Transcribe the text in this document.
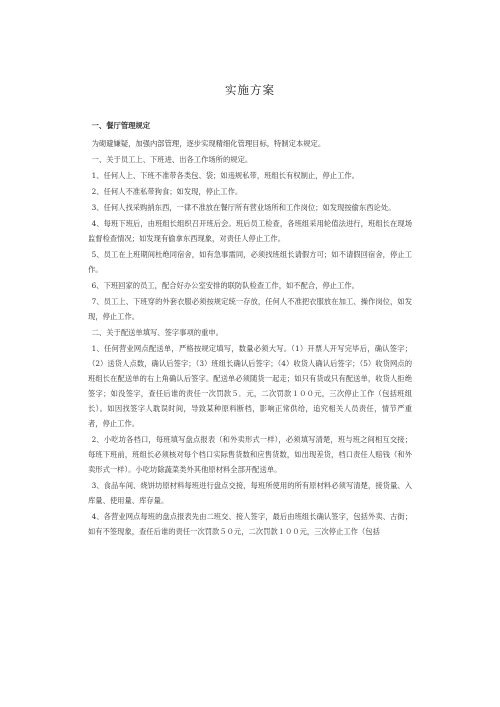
实施方案

一、餐厅管理规定

为砌避嫌疑，加强内部管理，逐步实现精细化管理目标，特制定本规定。

一、关于员工上、下班进、出各工作场所的规定。

1、任何人上、下班不准带各类包、袋；如违规私带，班组长有权制止，停止工作。

2、任何人不准私带狗食；如发现，停止工作。

3、任何人找采购捎东西，一律不准放在餐厅所有营业场所和工作岗位；如发现按偷东西论处。

4、每班下班后，由班组长组织召开班后会。班后员工检查，各班组采用轮值法进行，班组长在现场监督检查情况；如发现有偷拿东西现象，对责任人停止工作。

5、员工在上班期间杜绝同宿舍，如有急事需同，必须找班组长请假方可；如不请假回宿舍，停止工作。

6、下班回家的员工，配合好办公室安排的联防队检查工作，如不配合，停止工作。

7、员工上、下班穿的外套衣服必须按规定统一存放，任何人不准把衣服放在加工、操作岗位，如发现，停止工作。

二、关于配送单填写、签字事项的重申。

1、任何营业网点配送单，严格按规定填写，数量必须大写。（1）开票人开写完毕后，确认签字；（2）送货人点数，确认后签字；（3）班组长确认后签字；（4）收货人确认后签字；（5）收货网点的班组长在配送单的右上角确认后签字。配送单必须随货一起走；如只有货或只有配送单，收货人拒绝签字；如没签字，查任后谁的责任一次罚款５．元，二次罚款１００元，三次停止工作（包括班组长）。如因找签字人耽误时间，导致某种原料断档，影响正常供给，追究相关人员责任，情节严重者，停止工作。

2、小吃坊各档口，每班填写盘点报表（和外卖形式一样），必须填写清楚，班与班之间相互交接；每班下班前，班组长必须核对每个档口实际售货数和应售货数，如出现差货，档口责任人赔钱（和外卖形式一样）。小吃坊除蔬菜类外其他原材料全部开配送单。

3、食品车间、烧饼坊原材料每班进行盘点交接，每班所使用的所有原材料必须写清楚，接货量、入库量、使用量、库存量。

4、各营业网点每班的盘点报表先由二班交、接人签字，最后由班组长确认签字，包括外卖、古街；如有不签现象，查任后谁的责任一次罚款５０元，二次罚款１００元，三次停止工作（包括
